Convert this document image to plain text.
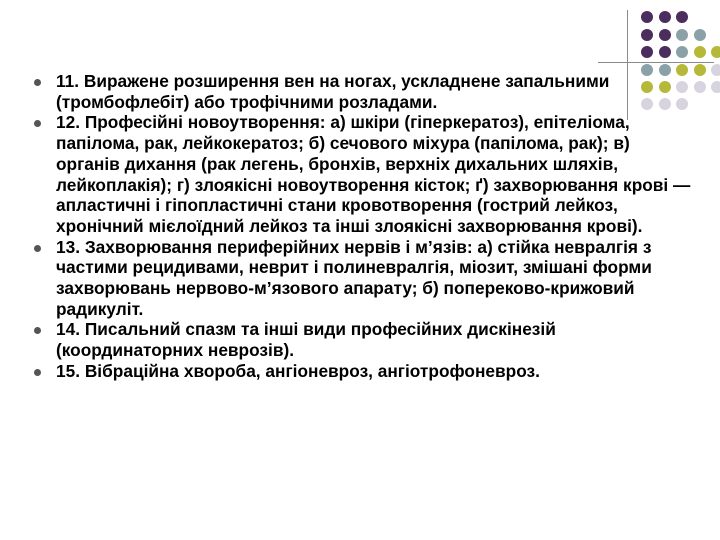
11. Виражене розширення вен на ногах, ускладнене запальними (тромбофлебіт) або трофічними розладами.
12. Професійні новоутворення: а) шкіри (гіперкератоз), епітеліома, папілома, рак, лейкокератоз; б) сечового міхура (папілома, рак); в) органів дихання (рак легень, бронхів, верхніх дихальних шляхів, лейкоплакія); г) злоякісні новоутворення кісток; ґ) захворювання крові — апластичні і гіпопластичні стани кровотворення (гострий лейкоз, хронічний мієлоїдний лейкоз та інші злоякісні захворювання крові).
13. Захворювання периферійних нервів і м’язів: а) стійка невралгія з частими рецидивами, неврит і полиневралгія, міозит, змішані форми захворювань нервово-м’язового апарату; б) попереково-крижовий радикуліт.
14. Писальний спазм та інші види професійних дискінезій (координаторних неврозів).
15. Вібраційна хвороба, ангіоневроз, ангіотрофоневроз.
